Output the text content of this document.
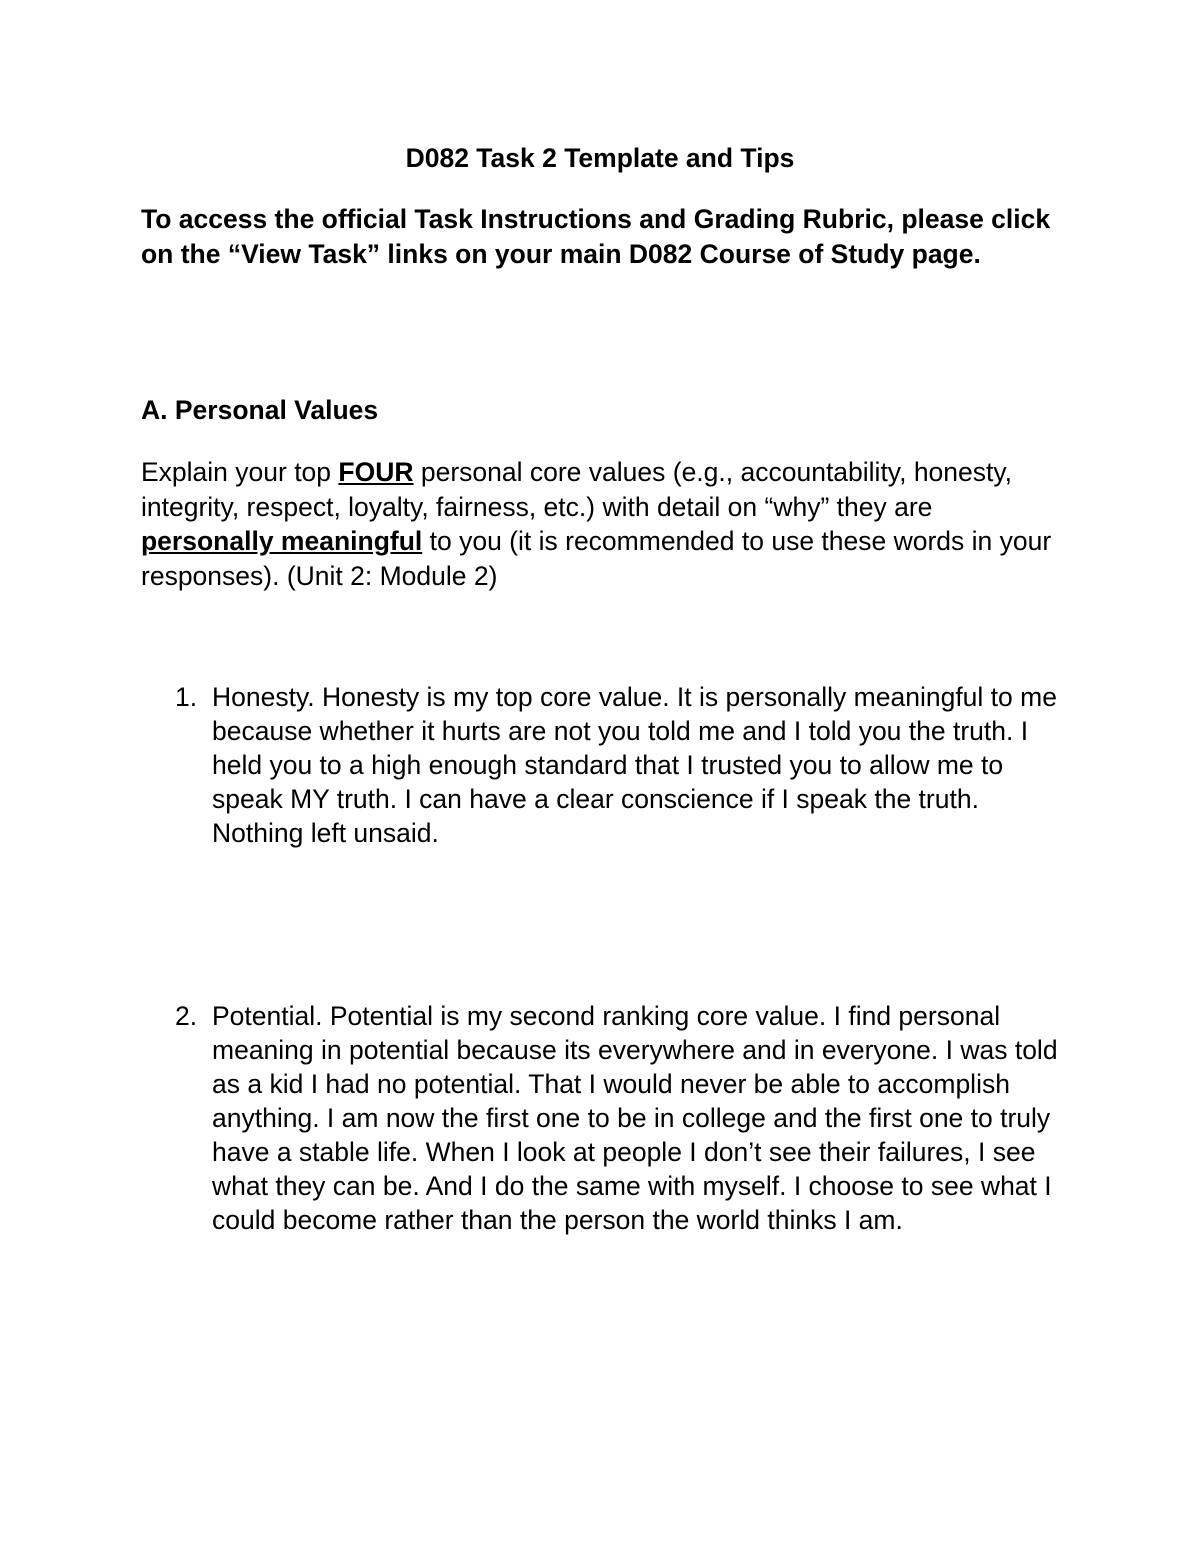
D082 Task 2 Template and Tips

To access the official Task Instructions and Grading Rubric, please click on the “View Task” links on your main D082 Course of Study page.

A. Personal Values

Explain your top FOUR personal core values (e.g., accountability, honesty, integrity, respect, loyalty, fairness, etc.) with detail on “why” they are personally meaningful to you (it is recommended to use these words in your responses). (Unit 2: Module 2)

1. Honesty. Honesty is my top core value. It is personally meaningful to me because whether it hurts are not you told me and I told you the truth. I held you to a high enough standard that I trusted you to allow me to speak MY truth. I can have a clear conscience if I speak the truth. Nothing left unsaid.
2. Potential. Potential is my second ranking core value. I find personal meaning in potential because its everywhere and in everyone. I was told as a kid I had no potential. That I would never be able to accomplish anything. I am now the first one to be in college and the first one to truly have a stable life. When I look at people I don’t see their failures, I see what they can be. And I do the same with myself. I choose to see what I could become rather than the person the world thinks I am.
